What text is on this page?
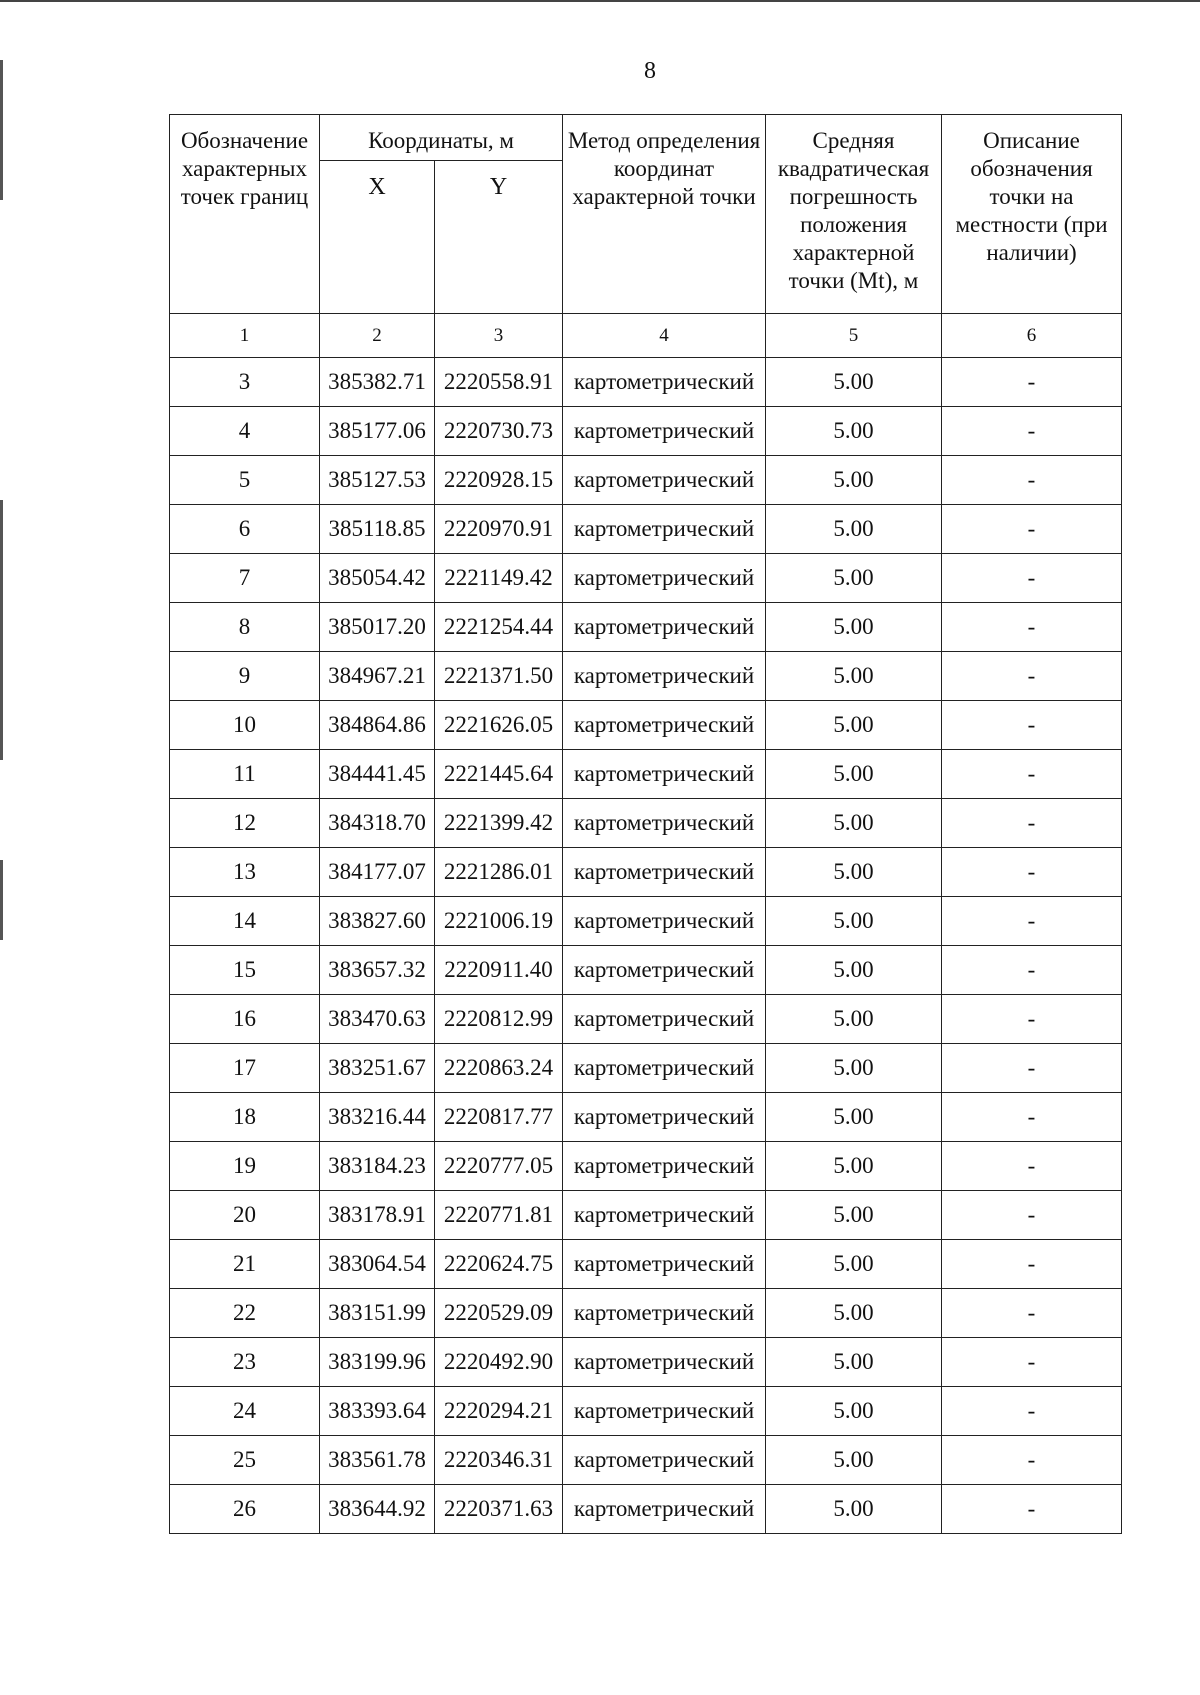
8
Обозначение характерных точек границ	Координаты, м		Метод определения координат характерной точки	Средняя квадратическая погрешность положения характерной точки (Mt), м	Описание обозначения точки на местности (при наличии)
	X	Y			
1	2	3	4	5	6
3	385382.71	2220558.91	картометрический	5.00	-
4	385177.06	2220730.73	картометрический	5.00	-
5	385127.53	2220928.15	картометрический	5.00	-
6	385118.85	2220970.91	картометрический	5.00	-
7	385054.42	2221149.42	картометрический	5.00	-
8	385017.20	2221254.44	картометрический	5.00	-
9	384967.21	2221371.50	картометрический	5.00	-
10	384864.86	2221626.05	картометрический	5.00	-
11	384441.45	2221445.64	картометрический	5.00	-
12	384318.70	2221399.42	картометрический	5.00	-
13	384177.07	2221286.01	картометрический	5.00	-
14	383827.60	2221006.19	картометрический	5.00	-
15	383657.32	2220911.40	картометрический	5.00	-
16	383470.63	2220812.99	картометрический	5.00	-
17	383251.67	2220863.24	картометрический	5.00	-
18	383216.44	2220817.77	картометрический	5.00	-
19	383184.23	2220777.05	картометрический	5.00	-
20	383178.91	2220771.81	картометрический	5.00	-
21	383064.54	2220624.75	картометрический	5.00	-
22	383151.99	2220529.09	картометрический	5.00	-
23	383199.96	2220492.90	картометрический	5.00	-
24	383393.64	2220294.21	картометрический	5.00	-
25	383561.78	2220346.31	картометрический	5.00	-
26	383644.92	2220371.63	картометрический	5.00	-
